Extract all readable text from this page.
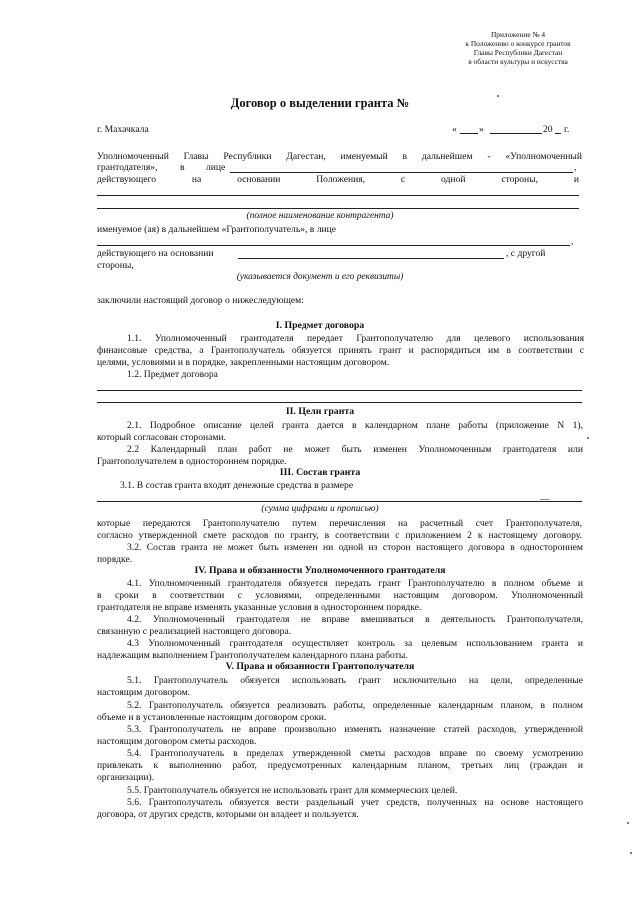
Приложение № 4
к Положению о конкурсе грантов
Главы Республики Дагестан
в области культуры и искусства
Договор о выделении гранта №
г. Махачкала	« »	20 г.
Уполномоченный Главы Республики Дагестан, именуемый в дальнейшем - «Уполномоченный
грантодателя», в лице	,
действующего на основании Положения, с одной стороны, и
(полное наименование контрагента)
именуемое (ая) в дальнейшем «Грантополучатель», в лице
,
действующего на основании	, с другой
стороны,
(указывается документ и его реквизиты)
заключили настоящий договор о нижеследующем:
I. Предмет договора
1.1. Уполномоченный грантодателя передает Грантополучателю для целевого использования
финансовые средства, а Грантополучатель обязуется принять грант и распорядиться им в соответствии с
целями, условиями и в порядке, закрепленными настоящим договором.
1.2. Предмет договора
II. Цели гранта
2.1. Подробное описание целей гранта дается в календарном плане работы (приложение N 1),
который согласован сторонами.
2.2 Календарный план работ не может быть изменен Уполномоченным грантодателя или
Грантополучателем в одностороннем порядке.
III. Состав гранта
3.1. В состав гранта входят денежные средства в размере
(сумма цифрами и прописью)
—
которые передаются Грантополучателю путем перечисления на расчетный счет Грантополучателя,
согласно утвержденной смете расходов по гранту, в соответствии с приложением 2 к настоящему договору.
3.2. Состав гранта не может быть изменен ни одной из сторон настоящего договора в одностороннем
порядке.
IV. Права и обязанности Уполномоченного грантодателя
4.1. Уполномоченный грантодателя обязуется передать грант Грантополучателю в полном объеме и
в сроки в соответствии с условиями, определенными настоящим договором. Уполномоченный
грантодателя не вправе изменять указанные условия в одностороннем порядке.
4.2. Уполномоченный грантодателя не вправе вмешиваться в деятельность Грантополучателя,
связанную с реализацией настоящего договора.
4.3 Уполномоченный грантодателя осуществляет контроль за целевым использованием гранта и
надлежащим выполнением Грантополучателем календарного плана работы.
V. Права и обязанности Грантополучателя
5.1. Грантополучатель обязуется использовать грант исключительно на цели, определенные
настоящим договором.
5.2. Грантополучатель обязуется реализовать работы, определенные календарным планом, в полном
объеме и в установленные настоящим договором сроки.
5.3. Грантополучатель не вправе произвольно изменять назначение статей расходов, утвержденной
настоящим договором сметы расходов.
5.4. Грантополучатель в пределах утвержденной сметы расходов вправе по своему усмотрению
привлекать к выполнению работ, предусмотренных календарным планом, третьих лиц (граждан и
организации).
5.5. Грантополучатель обязуется не использовать грант для коммерческих целей.
5.6. Грантополучатель обязуется вести раздельный учет средств, полученных на основе настоящего
договора, от других средств, которыми он владеет и пользуется.
